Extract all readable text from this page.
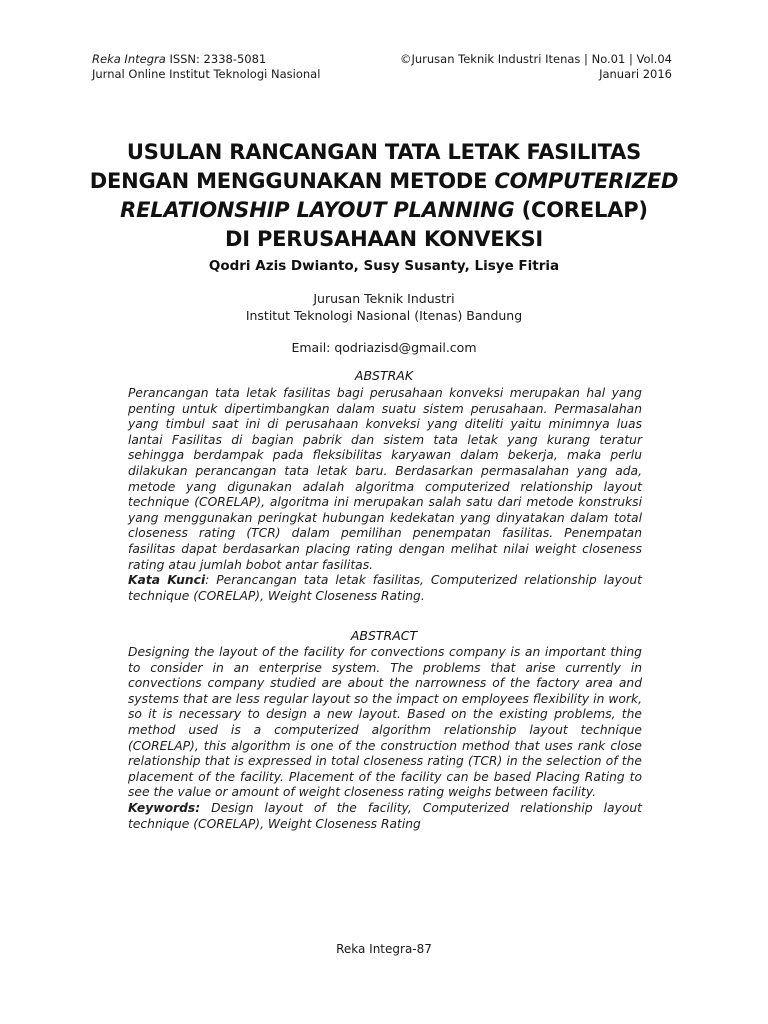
Reka Integra ISSN: 2338-5081
Jurnal Online Institut Teknologi Nasional
©Jurusan Teknik Industri Itenas | No.01 | Vol.04
Januari 2016
USULAN RANCANGAN TATA LETAK FASILITAS
DENGAN MENGGUNAKAN METODE COMPUTERIZED
RELATIONSHIP LAYOUT PLANNING (CORELAP)
DI PERUSAHAAN KONVEKSI
Qodri Azis Dwianto, Susy Susanty, Lisye Fitria
Jurusan Teknik Industri
Institut Teknologi Nasional (Itenas) Bandung
Email: qodriazisd@gmail.com
ABSTRAK
Perancangan tata letak fasilitas bagi perusahaan konveksi merupakan hal yang penting untuk dipertimbangkan dalam suatu sistem perusahaan. Permasalahan yang timbul saat ini di perusahaan konveksi yang diteliti yaitu minimnya luas lantai Fasilitas di bagian pabrik dan sistem tata letak yang kurang teratur sehingga berdampak pada fleksibilitas karyawan dalam bekerja, maka perlu dilakukan perancangan tata letak baru. Berdasarkan permasalahan yang ada, metode yang digunakan adalah algoritma computerized relationship layout technique (CORELAP), algoritma ini merupakan salah satu dari metode konstruksi yang menggunakan peringkat hubungan kedekatan yang dinyatakan dalam total closeness rating (TCR) dalam pemilihan penempatan fasilitas. Penempatan fasilitas dapat berdasarkan placing rating dengan melihat nilai weight closeness rating atau jumlah bobot antar fasilitas.
Kata Kunci: Perancangan tata letak fasilitas, Computerized relationship layout technique (CORELAP), Weight Closeness Rating.
ABSTRACT
Designing the layout of the facility for convections company is an important thing to consider in an enterprise system. The problems that arise currently in convections company studied are about the narrowness of the factory area and systems that are less regular layout so the impact on employees flexibility in work, so it is necessary to design a new layout. Based on the existing problems, the method used is a computerized algorithm relationship layout technique (CORELAP), this algorithm is one of the construction method that uses rank close relationship that is expressed in total closeness rating (TCR) in the selection of the placement of the facility. Placement of the facility can be based Placing Rating to see the value or amount of weight closeness rating weighs between facility.
Keywords: Design layout of the facility, Computerized relationship layout technique (CORELAP), Weight Closeness Rating
Reka Integra-87
